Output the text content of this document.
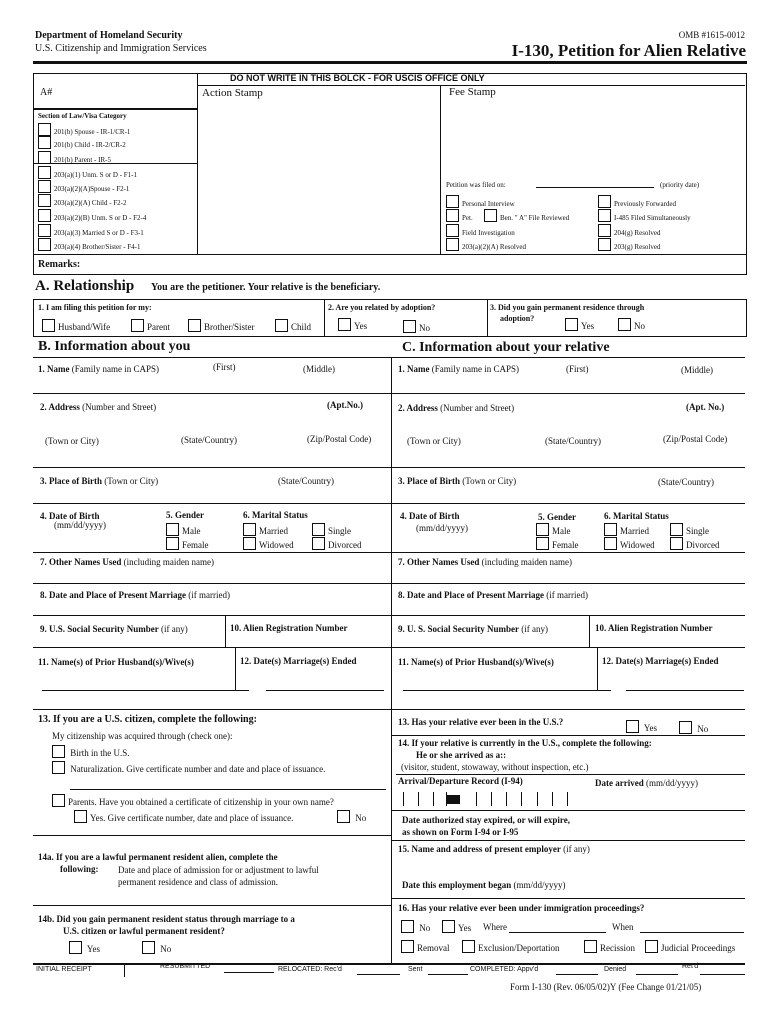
Department of Homeland Security
U.S. Citizenship and Immigration Services
OMB #1615-0012
I-130, Petition for Alien Relative
DO NOT WRITE IN THIS BOLCK - FOR USCIS OFFICE ONLY
A#	Action Stamp	Fee Stamp
Section of Law/Visa Category
201(b) Spouse - IR-1/CR-1
201(b) Child - IR-2/CR-2
201(b) Parent - IR-5
203(a)(1) Unm. S or D - F1-1
203(a)(2)(A)Spouse - F2-1
203(a)(2)(A) Child - F2-2
203(a)(2)(B) Unm. S or D - F2-4
203(a)(3) Married S or D - F3-1
203(a)(4) Brother/Sister - F4-1
Petition was filed on:	(priority date)
Personal Interview
Pet.	Ben. " A" File Reviewed
Field Investigation
203(a)(2)(A) Resolved
Previously Forwarded
I-485 Filed Simultaneously
204(g) Resolved
203(g) Resolved
Remarks:
A. Relationship You are the petitioner. Your relative is the beneficiary.
1. I am filing this petition for my:
Husband/Wife	Parent	Brother/Sister	Child
2. Are you related by adoption?
Yes	No
3. Did you gain permanent residence through
adoption?
Yes	No
B. Information about you	C. Information about your relative
1. Name (Family name in CAPS)	(First)	(Middle)
2. Address (Number and Street)	(Apt.No.)
(Town or City)	(State/Country)	(Zip/Postal Code)
3. Place of Birth (Town or City)	(State/Country)
4. Date of Birth
(mm/dd/yyyy)
5. Gender
Male
Female
6. Marital Status
Married	Single
Widowed	Divorced
7. Other Names Used (including maiden name)
8. Date and Place of Present Marriage (if married)
9. U.S. Social Security Number (if any)	10. Alien Registration Number
11. Name(s) of Prior Husband(s)/Wive(s)	12. Date(s) Marriage(s) Ended
13. If you are a U.S. citizen, complete the following:
My citizenship was acquired through (check one):
Birth in the U.S.
Naturalization. Give certificate number and date and place of issuance.
Parents. Have you obtained a certificate of citizenship in your own name?
Yes. Give certificate number, date and place of issuance.	No
14a. If you are a lawful permanent resident alien, complete the
following: Date and place of admission for or adjustment to lawful
permanent residence and class of admission.
14b. Did you gain permanent resident status through marriage to a
U.S. citizen or lawful permanent resident?
Yes	No
1. Name (Family name in CAPS)	(First)	(Middle)
2. Address (Number and Street)	(Apt. No.)
(Town or City)	(State/Country)	(Zip/Postal Code)
3. Place of Birth (Town or City)	(State/Country)
4. Date of Birth
(mm/dd/yyyy)
5. Gender
Male
Female
6. Marital Status
Married	Single
Widowed	Divorced
7. Other Names Used (including maiden name)
8. Date and Place of Present Marriage (if married)
9. U. S. Social Security Number (if any)	10. Alien Registration Number
11. Name(s) of Prior Husband(s)/Wive(s)	12. Date(s) Marriage(s) Ended
13. Has your relative ever been in the U.S.?
Yes	No
14. If your relative is currently in the U.S., complete the following:
He or she arrived as a::
(visitor, student, stowaway, without inspection, etc.)
Arrival/Departure Record (I-94)	Date arrived (mm/dd/yyyy)
Date authorized stay expired, or will expire,
as shown on Form I-94 or I-95
15. Name and address of present employer (if any)
Date this employment began (mm/dd/yyyy)
16. Has your relative ever been under immigration proceedings?
No	Yes Where	When
Removal	Exclusion/Deportation	Recission	Judicial Proceedings
INITIAL RECEIPT	RESUBMITTED	RELOCATED: Rec'd	Sent	COMPLETED: Appv'd	Denied	Ret'd
Form I-130 (Rev. 06/05/02)Y (Fee Change 01/21/05)
